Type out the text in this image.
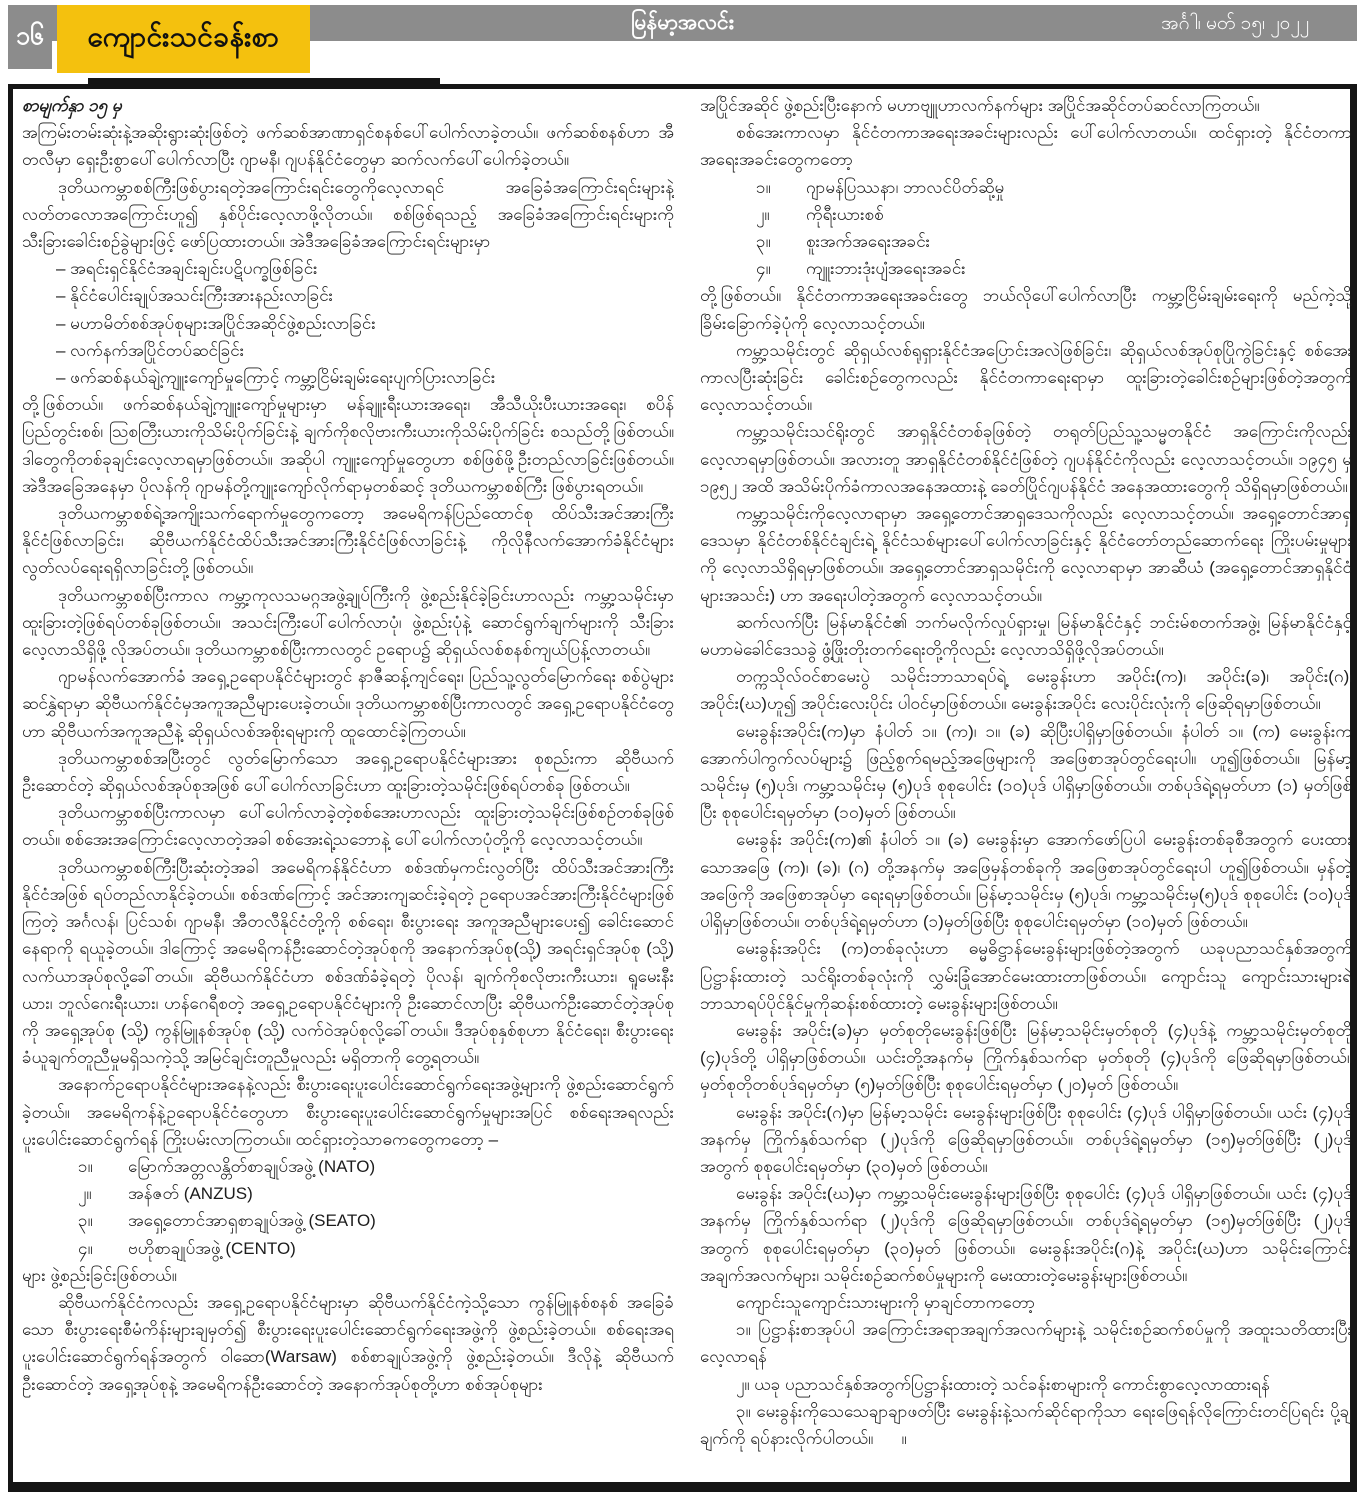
မြန်မာ့အလင်း	အင်္ဂါ၊ မတ် ၁၅၊ ၂၀၂၂
၁၆	ကျောင်းသင်ခန်းစာ

စာမျက်နှာ ၁၅ မှ

အကြမ်းတမ်းဆုံးနဲ့အဆိုးရွားဆုံးဖြစ်တဲ့ ဖက်ဆစ်အာဏာရှင်စနစ်ပေါ်ပေါက်လာခဲ့တယ်။ ဖက်ဆစ်စနစ်ဟာ အီတလီမှာ ရှေးဦးစွာပေါ်ပေါက်လာပြီး ဂျာမနီ၊ ဂျပန်နိုင်ငံတွေမှာ ဆက်လက်ပေါ်ပေါက်ခဲ့တယ်။

ဒုတိယကမ္ဘာစစ်ကြီးဖြစ်ပွားရတဲ့အကြောင်းရင်းတွေကိုလေ့လာရင် အခြေခံအကြောင်းရင်းများနဲ့ လတ်တလောအကြောင်းဟူ၍ နှစ်ပိုင်းလေ့လာဖို့လိုတယ်။ စစ်ဖြစ်ရသည့် အခြေခံအကြောင်းရင်းများကို သီးခြားခေါင်းစဉ်ခွဲများဖြင့် ဖော်ပြထားတယ်။ အဲဒီအခြေခံအကြောင်းရင်းများမှာ

– အရင်းရှင်နိုင်ငံအချင်းချင်းပဋိပက္ခဖြစ်ခြင်း

– နိုင်ငံပေါင်းချုပ်အသင်းကြီးအားနည်းလာခြင်း

– မဟာမိတ်စစ်အုပ်စုများအပြိုင်အဆိုင်ဖွဲ့စည်းလာခြင်း

– လက်နက်အပြိုင်တပ်ဆင်ခြင်း

– ဖက်ဆစ်နယ်ချဲ့ကျူးကျော်မှုကြောင့် ကမ္ဘာ့ငြိမ်းချမ်းရေးပျက်ပြားလာခြင်း

တို့ဖြစ်တယ်။ ဖက်ဆစ်နယ်ချဲ့ကျူးကျော်မှုများမှာ မန်ချူးရီးယားအရေး၊ အီသီယိုးပီးယားအရေး၊ စပိန်ပြည်တွင်းစစ်၊ ဩစတြီးယားကိုသိမ်းပိုက်ခြင်းနဲ့ ချက်ကိုစလိုဗားကီးယားကိုသိမ်းပိုက်ခြင်း စသည်တို့ဖြစ်တယ်။ ဒါတွေကိုတစ်ခုချင်းလေ့လာရမှာဖြစ်တယ်။ အဆိုပါ ကျူးကျော်မှုတွေဟာ စစ်ဖြစ်ဖို့ဦးတည်လာခြင်းဖြစ်တယ်။ အဲဒီအခြေအနေမှာ ပိုလန်ကို ဂျာမန်တို့ကျူးကျော်လိုက်ရာမှတစ်ဆင့် ဒုတိယကမ္ဘာစစ်ကြီး ဖြစ်ပွားရတယ်။

ဒုတိယကမ္ဘာစစ်ရဲ့အကျိုးသက်ရောက်မှုတွေကတော့ အမေရိကန်ပြည်ထောင်စု ထိပ်သီးအင်အားကြီးနိုင်ငံဖြစ်လာခြင်း၊ ဆိုဗီယက်နိုင်ငံထိပ်သီးအင်အားကြီးနိုင်ငံဖြစ်လာခြင်းနဲ့ ကိုလိုနီလက်အောက်ခံနိုင်ငံများ လွတ်လပ်ရေးရရှိလာခြင်းတို့ဖြစ်တယ်။

ဒုတိယကမ္ဘာစစ်ပြီးကာလ ကမ္ဘာ့ကုလသမဂ္ဂအဖွဲ့ချုပ်ကြီးကို ဖွဲ့စည်းနိုင်ခဲ့ခြင်းဟာလည်း ကမ္ဘာ့သမိုင်းမှာ ထူးခြားတဲ့ဖြစ်ရပ်တစ်ခုဖြစ်တယ်။ အသင်းကြီးပေါ်ပေါက်လာပုံ၊ ဖွဲ့စည်းပုံနဲ့ ဆောင်ရွက်ချက်များကို သီးခြားလေ့လာသိရှိဖို့ လိုအပ်တယ်။ ဒုတိယကမ္ဘာစစ်ပြီးကာလတွင် ဥရောပ၌ ဆိုရှယ်လစ်စနစ်ကျယ်ပြန့်လာတယ်။

ဂျာမန်လက်အောက်ခံ အရှေ့ဥရောပနိုင်ငံများတွင် နာဇီဆန့်ကျင်ရေး၊ ပြည်သူ့လွတ်မြောက်ရေး စစ်ပွဲများဆင်နွှဲရာမှာ ဆိုဗီယက်နိုင်ငံမှအကူအညီများပေးခဲ့တယ်။ ဒုတိယကမ္ဘာစစ်ပြီးကာလတွင် အရှေ့ဥရောပနိုင်ငံတွေဟာ ဆိုဗီယက်အကူအညီနဲ့ ဆိုရှယ်လစ်အစိုးရများကို ထူထောင်ခဲ့ကြတယ်။

ဒုတိယကမ္ဘာစစ်အပြီးတွင် လွတ်မြောက်သော အရှေ့ဥရောပနိုင်ငံများအား စုစည်းကာ ဆိုဗီယက်ဦးဆောင်တဲ့ ဆိုရှယ်လစ်အုပ်စုအဖြစ် ပေါ်ပေါက်လာခြင်းဟာ ထူးခြားတဲ့သမိုင်းဖြစ်ရပ်တစ်ခု ဖြစ်တယ်။

ဒုတိယကမ္ဘာစစ်ပြီးကာလမှာ ပေါ်ပေါက်လာခဲ့တဲ့စစ်အေးဟာလည်း ထူးခြားတဲ့သမိုင်းဖြစ်စဉ်တစ်ခုဖြစ်တယ်။ စစ်အေးအကြောင်းလေ့လာတဲ့အခါ စစ်အေးရဲ့သဘောနဲ့ ပေါ်ပေါက်လာပုံတို့ကို လေ့လာသင့်တယ်။

ဒုတိယကမ္ဘာစစ်ကြီးပြီးဆုံးတဲ့အခါ အမေရိကန်နိုင်ငံဟာ စစ်ဒဏ်မှကင်းလွတ်ပြီး ထိပ်သီးအင်အားကြီးနိုင်ငံအဖြစ် ရပ်တည်လာနိုင်ခဲ့တယ်။ စစ်ဒဏ်ကြောင့် အင်အားကျဆင်းခဲ့ရတဲ့ ဥရောပအင်အားကြီးနိုင်ငံများဖြစ်ကြတဲ့ အင်္ဂလန်၊ ပြင်သစ်၊ ဂျာမနီ၊ အီတလီနိုင်ငံတို့ကို စစ်ရေး၊ စီးပွားရေး အကူအညီများပေး၍ ခေါင်းဆောင်နေရာကို ရယူခဲ့တယ်။ ဒါကြောင့် အမေရိကန်ဦးဆောင်တဲ့အုပ်စုကို အနောက်အုပ်စု(သို့) အရင်းရှင်အုပ်စု (သို့) လက်ယာအုပ်စုလို့ခေါ်တယ်။ ဆိုဗီယက်နိုင်ငံဟာ စစ်ဒဏ်ခံခဲ့ရတဲ့ ပိုလန်၊ ချက်ကိုစလိုဗားကီးယား၊ ရူမေးနီးယား၊ ဘူလ်ဂေးရီးယား၊ ဟန်ဂေရီစတဲ့ အရှေ့ဥရောပနိုင်ငံများကို ဦးဆောင်လာပြီး ဆိုဗီယက်ဦးဆောင်တဲ့အုပ်စုကို အရှေ့အုပ်စု (သို့) ကွန်မြူနစ်အုပ်စု (သို့) လက်ဝဲအုပ်စုလို့ခေါ်တယ်။ ဒီအုပ်စုနှစ်စုဟာ နိုင်ငံရေး၊ စီးပွားရေး ခံယူချက်တူညီမှုမရှိသကဲ့သို့ အမြင်ချင်းတူညီမှုလည်း မရှိတာကို တွေ့ရတယ်။

အနောက်ဥရောပနိုင်ငံများအနေနဲ့လည်း စီးပွားရေးပူးပေါင်းဆောင်ရွက်ရေးအဖွဲ့များကို ဖွဲ့စည်းဆောင်ရွက်ခဲ့တယ်။ အမေရိကန်နဲ့ဥရောပနိုင်ငံတွေဟာ စီးပွားရေးပူးပေါင်းဆောင်ရွက်မှုများအပြင် စစ်ရေးအရလည်း ပူးပေါင်းဆောင်ရွက်ရန် ကြိုးပမ်းလာကြတယ်။ ထင်ရှားတဲ့သာဓကတွေကတော့ –

၁။ မြောက်အတ္တလန္တိတ်စာချုပ်အဖွဲ့ (NATO)
၂။ အန်ဇတ် (ANZUS)
၃။ အရှေ့တောင်အာရှစာချုပ်အဖွဲ့ (SEATO)
၄။ ဗဟိုစာချုပ်အဖွဲ့ (CENTO)

များ ဖွဲ့စည်းခြင်းဖြစ်တယ်။

ဆိုဗီယက်နိုင်ငံကလည်း အရှေ့ဥရောပနိုင်ငံများမှာ ဆိုဗီယက်နိုင်ငံကဲ့သို့သော ကွန်မြူနစ်စနစ် အခြေခံသော စီးပွားရေးစီမံကိန်းများချမှတ်၍ စီးပွားရေးပူးပေါင်းဆောင်ရွက်ရေးအဖွဲ့ကို ဖွဲ့စည်းခဲ့တယ်။ စစ်ရေးအရ ပူးပေါင်းဆောင်ရွက်ရန်အတွက် ဝါဆော(Warsaw) စစ်စာချုပ်အဖွဲ့ကို ဖွဲ့စည်းခဲ့တယ်။ ဒီလိုနဲ့ ဆိုဗီယက်ဦးဆောင်တဲ့ အရှေ့အုပ်စုနဲ့ အမေရိကန်ဦးဆောင်တဲ့ အနောက်အုပ်စုတို့ဟာ စစ်အုပ်စုများ

အပြိုင်အဆိုင် ဖွဲ့စည်းပြီးနောက် မဟာဗျူဟာလက်နက်များ အပြိုင်အဆိုင်တပ်ဆင်လာကြတယ်။

စစ်အေးကာလမှာ နိုင်ငံတကာအရေးအခင်းများလည်း ပေါ်ပေါက်လာတယ်။ ထင်ရှားတဲ့ နိုင်ငံတကာအရေးအခင်းတွေကတော့

၁။ ဂျာမန်ပြဿနာ၊ ဘာလင်ပိတ်ဆို့မှု
၂။ ကိုရီးယားစစ်
၃။ စူးအက်အရေးအခင်း
၄။ ကျူးဘားဒုံးပျံအရေးအခင်း

တို့ဖြစ်တယ်။ နိုင်ငံတကာအရေးအခင်းတွေ ဘယ်လိုပေါ်ပေါက်လာပြီး ကမ္ဘာ့ငြိမ်းချမ်းရေးကို မည်ကဲ့သို့ ခြိမ်းခြောက်ခဲ့ပုံကို လေ့လာသင့်တယ်။

ကမ္ဘာ့သမိုင်းတွင် ဆိုရှယ်လစ်ရုရှားနိုင်ငံအပြောင်းအလဲဖြစ်ခြင်း၊ ဆိုရှယ်လစ်အုပ်စုပြိုကွဲခြင်းနှင့် စစ်အေးကာလပြီးဆုံးခြင်း ခေါင်းစဉ်တွေကလည်း နိုင်ငံတကာရေးရာမှာ ထူးခြားတဲ့ခေါင်းစဉ်များဖြစ်တဲ့အတွက် လေ့လာသင့်တယ်။

ကမ္ဘာ့သမိုင်းသင်ရိုးတွင် အာရှနိုင်ငံတစ်ခုဖြစ်တဲ့ တရုတ်ပြည်သူ့သမ္မတနိုင်ငံ အကြောင်းကိုလည်း လေ့လာရမှာဖြစ်တယ်။ အလားတူ အာရှနိုင်ငံတစ်နိုင်ငံဖြစ်တဲ့ ဂျပန်နိုင်ငံကိုလည်း လေ့လာသင့်တယ်။ ၁၉၄၅ မှ ၁၉၅၂ အထိ အသိမ်းပိုက်ခံကာလအနေအထားနဲ့ ခေတ်ပြိုင်ဂျပန်နိုင်ငံ အနေအထားတွေကို သိရှိရမှာဖြစ်တယ်။

ကမ္ဘာ့သမိုင်းကိုလေ့လာရာမှာ အရှေ့တောင်အာရှဒေသကိုလည်း လေ့လာသင့်တယ်။ အရှေ့တောင်အာရှဒေသမှာ နိုင်ငံတစ်နိုင်ငံချင်းရဲ့ နိုင်ငံသစ်များပေါ်ပေါက်လာခြင်းနှင့် နိုင်ငံတော်တည်ဆောက်ရေး ကြိုးပမ်းမှုများကို လေ့လာသိရှိရမှာဖြစ်တယ်။ အရှေ့တောင်အာရှသမိုင်းကို လေ့လာရာမှာ အာဆီယံ (အရှေ့တောင်အာရှနိုင်ငံများအသင်း) ဟာ အရေးပါတဲ့အတွက် လေ့လာသင့်တယ်။

ဆက်လက်ပြီး မြန်မာနိုင်ငံ၏ ဘက်မလိုက်လှုပ်ရှားမှု၊ မြန်မာနိုင်ငံနှင့် ဘင်းမ်စတက်အဖွဲ့၊ မြန်မာနိုင်ငံနှင့် မဟာမဲခေါင်ဒေသခွဲ ဖွံ့ဖြိုးတိုးတက်ရေးတို့ကိုလည်း လေ့လာသိရှိဖို့လိုအပ်တယ်။

တက္ကသိုလ်ဝင်စာမေးပွဲ သမိုင်းဘာသာရပ်ရဲ့ မေးခွန်းဟာ အပိုင်း(က)၊ အပိုင်း(ခ)၊ အပိုင်း(ဂ)၊ အပိုင်း(ဃ)ဟူ၍ အပိုင်းလေးပိုင်း ပါဝင်မှာဖြစ်တယ်။ မေးခွန်းအပိုင်း လေးပိုင်းလုံးကို ဖြေဆိုရမှာဖြစ်တယ်။

မေးခွန်းအပိုင်း(က)မှာ နံပါတ် ၁။ (က)၊ ၁။ (ခ) ဆိုပြီးပါရှိမှာဖြစ်တယ်။ နံပါတ် ၁။ (က) မေးခွန်းက အောက်ပါကွက်လပ်များ၌ ဖြည့်စွက်ရမည့်အဖြေများကို အဖြေစာအုပ်တွင်ရေးပါ။ ဟူ၍ဖြစ်တယ်။ မြန်မာ့သမိုင်းမှ (၅)ပုဒ်၊ ကမ္ဘာ့သမိုင်းမှ (၅)ပုဒ် စုစုပေါင်း (၁၀)ပုဒ် ပါရှိမှာဖြစ်တယ်။ တစ်ပုဒ်ရဲ့ရမှတ်ဟာ (၁) မှတ်ဖြစ်ပြီး စုစုပေါင်းရမှတ်မှာ (၁၀)မှတ် ဖြစ်တယ်။

မေးခွန်း အပိုင်း(က)၏ နံပါတ် ၁။ (ခ) မေးခွန်းမှာ အောက်ဖော်ပြပါ မေးခွန်းတစ်ခုစီအတွက် ပေးထားသောအဖြေ (က)၊ (ခ)၊ (ဂ) တို့အနက်မှ အဖြေမှန်တစ်ခုကို အဖြေစာအုပ်တွင်ရေးပါ ဟူ၍ဖြစ်တယ်။ မှန်တဲ့အဖြေကို အဖြေစာအုပ်မှာ ရေးရမှာဖြစ်တယ်။ မြန်မာ့သမိုင်းမှ (၅)ပုဒ်၊ ကမ္ဘာ့သမိုင်းမှ(၅)ပုဒ် စုစုပေါင်း (၁၀)ပုဒ် ပါရှိမှာဖြစ်တယ်။ တစ်ပုဒ်ရဲ့ရမှတ်ဟာ (၁)မှတ်ဖြစ်ပြီး စုစုပေါင်းရမှတ်မှာ (၁၀)မှတ် ဖြစ်တယ်။

မေးခွန်းအပိုင်း (က)တစ်ခုလုံးဟာ ဓမ္မဓိဋ္ဌာန်မေးခွန်းများဖြစ်တဲ့အတွက် ယခုပညာသင်နှစ်အတွက် ပြဋ္ဌာန်းထားတဲ့ သင်ရိုးတစ်ခုလုံးကို လွှမ်းခြုံအောင်မေးထားတာဖြစ်တယ်။ ကျောင်းသူ ကျောင်းသားများရဲ့ ဘာသာရပ်ပိုင်နိုင်မှုကိုဆန်းစစ်ထားတဲ့ မေးခွန်းများဖြစ်တယ်။

မေးခွန်း အပိုင်း(ခ)မှာ မှတ်စုတိုမေးခွန်းဖြစ်ပြီး မြန်မာ့သမိုင်းမှတ်စုတို (၄)ပုဒ်နဲ့ ကမ္ဘာ့သမိုင်းမှတ်စုတို (၄)ပုဒ်တို့ ပါရှိမှာဖြစ်တယ်။ ယင်းတို့အနက်မှ ကြိုက်နှစ်သက်ရာ မှတ်စုတို (၄)ပုဒ်ကို ဖြေဆိုရမှာဖြစ်တယ်။ မှတ်စုတိုတစ်ပုဒ်ရမှတ်မှာ (၅)မှတ်ဖြစ်ပြီး စုစုပေါင်းရမှတ်မှာ (၂၀)မှတ် ဖြစ်တယ်။

မေးခွန်း အပိုင်း(ဂ)မှာ မြန်မာ့သမိုင်း မေးခွန်းများဖြစ်ပြီး စုစုပေါင်း (၄)ပုဒ် ပါရှိမှာဖြစ်တယ်။ ယင်း (၄)ပုဒ်အနက်မှ ကြိုက်နှစ်သက်ရာ (၂)ပုဒ်ကို ဖြေဆိုရမှာဖြစ်တယ်။ တစ်ပုဒ်ရဲ့ရမှတ်မှာ (၁၅)မှတ်ဖြစ်ပြီး (၂)ပုဒ်အတွက် စုစုပေါင်းရမှတ်မှာ (၃၀)မှတ် ဖြစ်တယ်။

မေးခွန်း အပိုင်း(ဃ)မှာ ကမ္ဘာ့သမိုင်းမေးခွန်းများဖြစ်ပြီး စုစုပေါင်း (၄)ပုဒ် ပါရှိမှာဖြစ်တယ်။ ယင်း (၄)ပုဒ်အနက်မှ ကြိုက်နှစ်သက်ရာ (၂)ပုဒ်ကို ဖြေဆိုရမှာဖြစ်တယ်။ တစ်ပုဒ်ရဲ့ရမှတ်မှာ (၁၅)မှတ်ဖြစ်ပြီး (၂)ပုဒ်အတွက် စုစုပေါင်းရမှတ်မှာ (၃၀)မှတ် ဖြစ်တယ်။ မေးခွန်းအပိုင်း(ဂ)နဲ့ အပိုင်း(ဃ)ဟာ သမိုင်းကြောင်းအချက်အလက်များ၊ သမိုင်းစဉ်ဆက်စပ်မှုများကို မေးထားတဲ့မေးခွန်းများဖြစ်တယ်။

ကျောင်းသူကျောင်းသားများကို မှာချင်တာကတော့

၁။ ပြဋ္ဌာန်းစာအုပ်ပါ အကြောင်းအရာအချက်အလက်များနဲ့ သမိုင်းစဉ်ဆက်စပ်မှုကို အထူးသတိထားပြီးလေ့လာရန်

၂။ ယခု ပညာသင်နှစ်အတွက်ပြဋ္ဌာန်းထားတဲ့ သင်ခန်းစာများကို ကောင်းစွာလေ့လာထားရန်

၃။ မေးခွန်းကိုသေသေချာချာဖတ်ပြီး မေးခွန်းနဲ့သက်ဆိုင်ရာကိုသာ ရေးဖြေရန်လိုကြောင်းတင်ပြရင်း ပို့ချချက်ကို ရပ်နားလိုက်ပါတယ်။      ။
